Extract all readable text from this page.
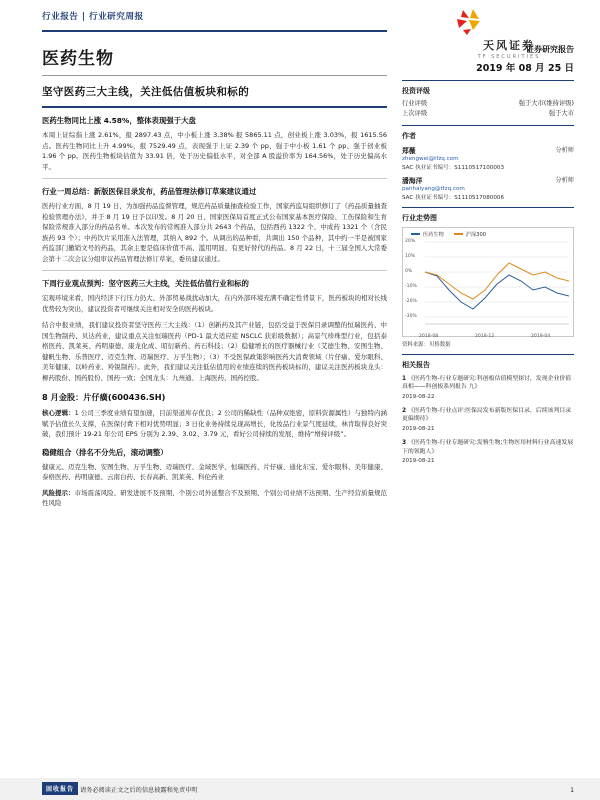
行业报告 | 行业研究周报
天风证券
TF SECURITIES
医药生物
坚守医药三大主线，关注低估值板块和标的
医药生物同比上涨 4.58%，整体表现强于大盘

本周上证综指上涨 2.61%，报 2897.43 点，中小板上涨 3.38% 报 5865.11 点，创业板上涨 3.03%，报 1615.56 点。医药生物同比上升 4.99%，报 7529.49 点，表现强于上证 2.39 个 pp、强于中小板 1.61 个 pp、强于创业板 1.96 个 pp。医药生物板块估值为 33.91 倍，处于历史偏低水平，对全部 A 股溢价率为 164.56%，处于历史偏高水平。

行业一周总结：新版医保目录发布，药品管理法修订草案建议通过

医药行业方面，8 月 19 日，为加强药品监督管理，规范药品质量抽查检验工作，国家药监局组织修订了《药品质量抽查检验管理办法》，并于 8 月 19 日予以印发。8 月 20 日，国家医保局首度正式公布国家基本医疗保险、工伤保险和生育保险常规准入部分的药品名单。本次发布的常规准入部分共 2643 个药品，包括西药 1322 个、中成药 1321 个（含民族药 93 个）；中药饮片采用准入法管理，其纳入 892 个。从调出的品种看，共调出 150 个品种，其中约一半是被国家药监部门撤销文号的药品，其余主要是临床价值不高、滥用明显、有更好替代的药品。8 月 22 日，十三届全国人大常委会第十二次会议分组审议药品管理法修订草案，委员建议通过。

下周行业观点预判：坚守医药三大主线，关注低估值行业和标的

宏观环境来看，国内经济下行压力仍大、外部贸易战扰动加大，在内外部环境充满不确定性背景下，医药板块的相对长线优势较为突出，建议投资者可继续关注相对安全的医药板块。

结合中报业绩，我们建议投资者坚守医药三大主线：（1）创新药及其产业链，包括受益于医保目录调整的恒瑞医药、中国生物制药、贝达药业，建议重点关注恒瑞医药（PD-1 最大适应症 NSCLC 获彩级数据）；高景气珍珠型行业，包括泰格医药、凯莱英、药明康德、康龙化成、昭衍新药、药石科技；（2）稳健增长的医疗器械行业（艾德生物、安图生物、健帆生物、乐普医疗、迈克生物、迈瑞医疗、万孚生物）；（3）不受医保政策影响医药大消费领域（片仔癀、爱尔眼科、美年健康、以岭药业、羚锐制药）。此外，我们建议关注低估值用的业绩连续的医药板块标的，建议关注医药板块龙头：柳药股份、国药股份、国药一致；全国龙头：九州通、上海医药、国药控股。

8 月金股：片仔癀(600436.SH)

核心逻辑：1 公司三季度业绩有望加速，目前渠道库存优良；2 公司的稀缺性（品种双绝密，原料资源属性）与独特内涵赋予估值长久支撑，在医保付费下相对优势明显；3 日化业务持续兑现高增长，化妆品行业景气度延续，林肯取得良好突破，我们预计 19-21 年公司 EPS 分别为 2.39、3.02、3.79 元，看好公司持续的发展，维持“增持评级”。

稳健组合（排名不分先后，滚动调整）

健康元、迈克生物、安图生物、万孚生物、迈瑞医疗、金域医学、恒瑞医药、片仔癀、通化东宝、爱尔眼科、美年健康、泰格医药、药明康德、云南白药、长春高新、凯莱英、科伦药业

风险提示：市场震荡风险、研发进展不及预期、个别公司外延整合不及预期、个别公司业绩不达预期、生产经营质量规范性风险

证券研究报告
2019 年 08 月 25 日
投资评级
行业评级	强于大市(维持评级)
上次评级	强于大市
作者
郑薇	分析师
zhengwei@tfzq.com
SAC 执业证书编号：S1110517100003
潘海洋	分析师
panhaiyang@tfzq.com
SAC 执业证书编号：S1110517080006
行业走势图
医药生物	沪深300
20%
10%
0%
-10%
-20%
-30%
2018-08	2018-12	2019-04
资料来源：贝格数据
相关报告
1 《医药生物-行业专题研究:科创板估值模型探讨，发现企业价值真相——科创板系列报告 九》
2019-08-22
2 《医药生物-行业点评:医保局发布新版医保目录，后续该判目录更偏期待》
2019-08-21
3 《医药生物-行业专题研究:发簪生物;生物医用材料行业高速发展下的领跑人》
2019-08-21
固收报告 请务必阅读正文之后的信息披露和免责申明	1
